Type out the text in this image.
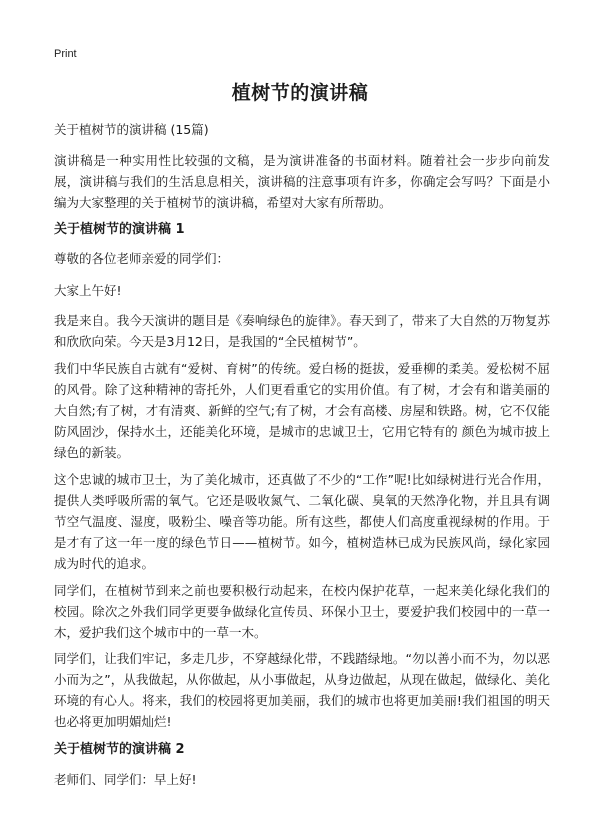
Print
植树节的演讲稿
关于植树节的演讲稿 (15篇)
演讲稿是一种实用性比较强的文稿，是为演讲准备的书面材料。随着社会一步步向前发展，演讲稿与我们的生活息息相关，演讲稿的注意事项有许多，你确定会写吗？下面是小编为大家整理的关于植树节的演讲稿，希望对大家有所帮助。
关于植树节的演讲稿 1
尊敬的各位老师亲爱的同学们：
大家上午好!
我是来自。我今天演讲的题目是《奏响绿色的旋律》。春天到了，带来了大自然的万物复苏和欣欣向荣。今天是3月12日，是我国的“全民植树节”。
我们中华民族自古就有“爱树、育树”的传统。爱白杨的挺拔，爱垂柳的柔美。爱松树不屈的风骨。除了这种精神的寄托外，人们更看重它的实用价值。有了树，才会有和谐美丽的大自然;有了树，才有清爽、新鲜的空气;有了树，才会有高楼、房屋和铁路。树，它不仅能防风固沙，保持水土，还能美化环境，是城市的忠诚卫士，它用它特有的 颜色为城市披上绿色的新装。
这个忠诚的城市卫士，为了美化城市，还真做了不少的“工作”呢!比如绿树进行光合作用，提供人类呼吸所需的氧气。它还是吸收氮气、二氧化碳、臭氧的天然净化物，并且具有调节空气温度、湿度，吸粉尘、噪音等功能。所有这些，都使人们高度重视绿树的作用。于是才有了这一年一度的绿色节日——植树节。如今，植树造林已成为民族风尚，绿化家园成为时代的追求。
同学们，在植树节到来之前也要积极行动起来，在校内保护花草，一起来美化绿化我们的校园。除次之外我们同学更要争做绿化宣传员、环保小卫士，要爱护我们校园中的一草一木，爱护我们这个城市中的一草一木。
同学们，让我们牢记，多走几步，不穿越绿化带，不践踏绿地。“勿以善小而不为，勿以恶小而为之”，从我做起，从你做起，从小事做起，从身边做起，从现在做起，做绿化、美化环境的有心人。将来，我们的校园将更加美丽，我们的城市也将更加美丽!我们祖国的明天也必将更加明媚灿烂!
关于植树节的演讲稿 2
老师们、同学们：早上好!
